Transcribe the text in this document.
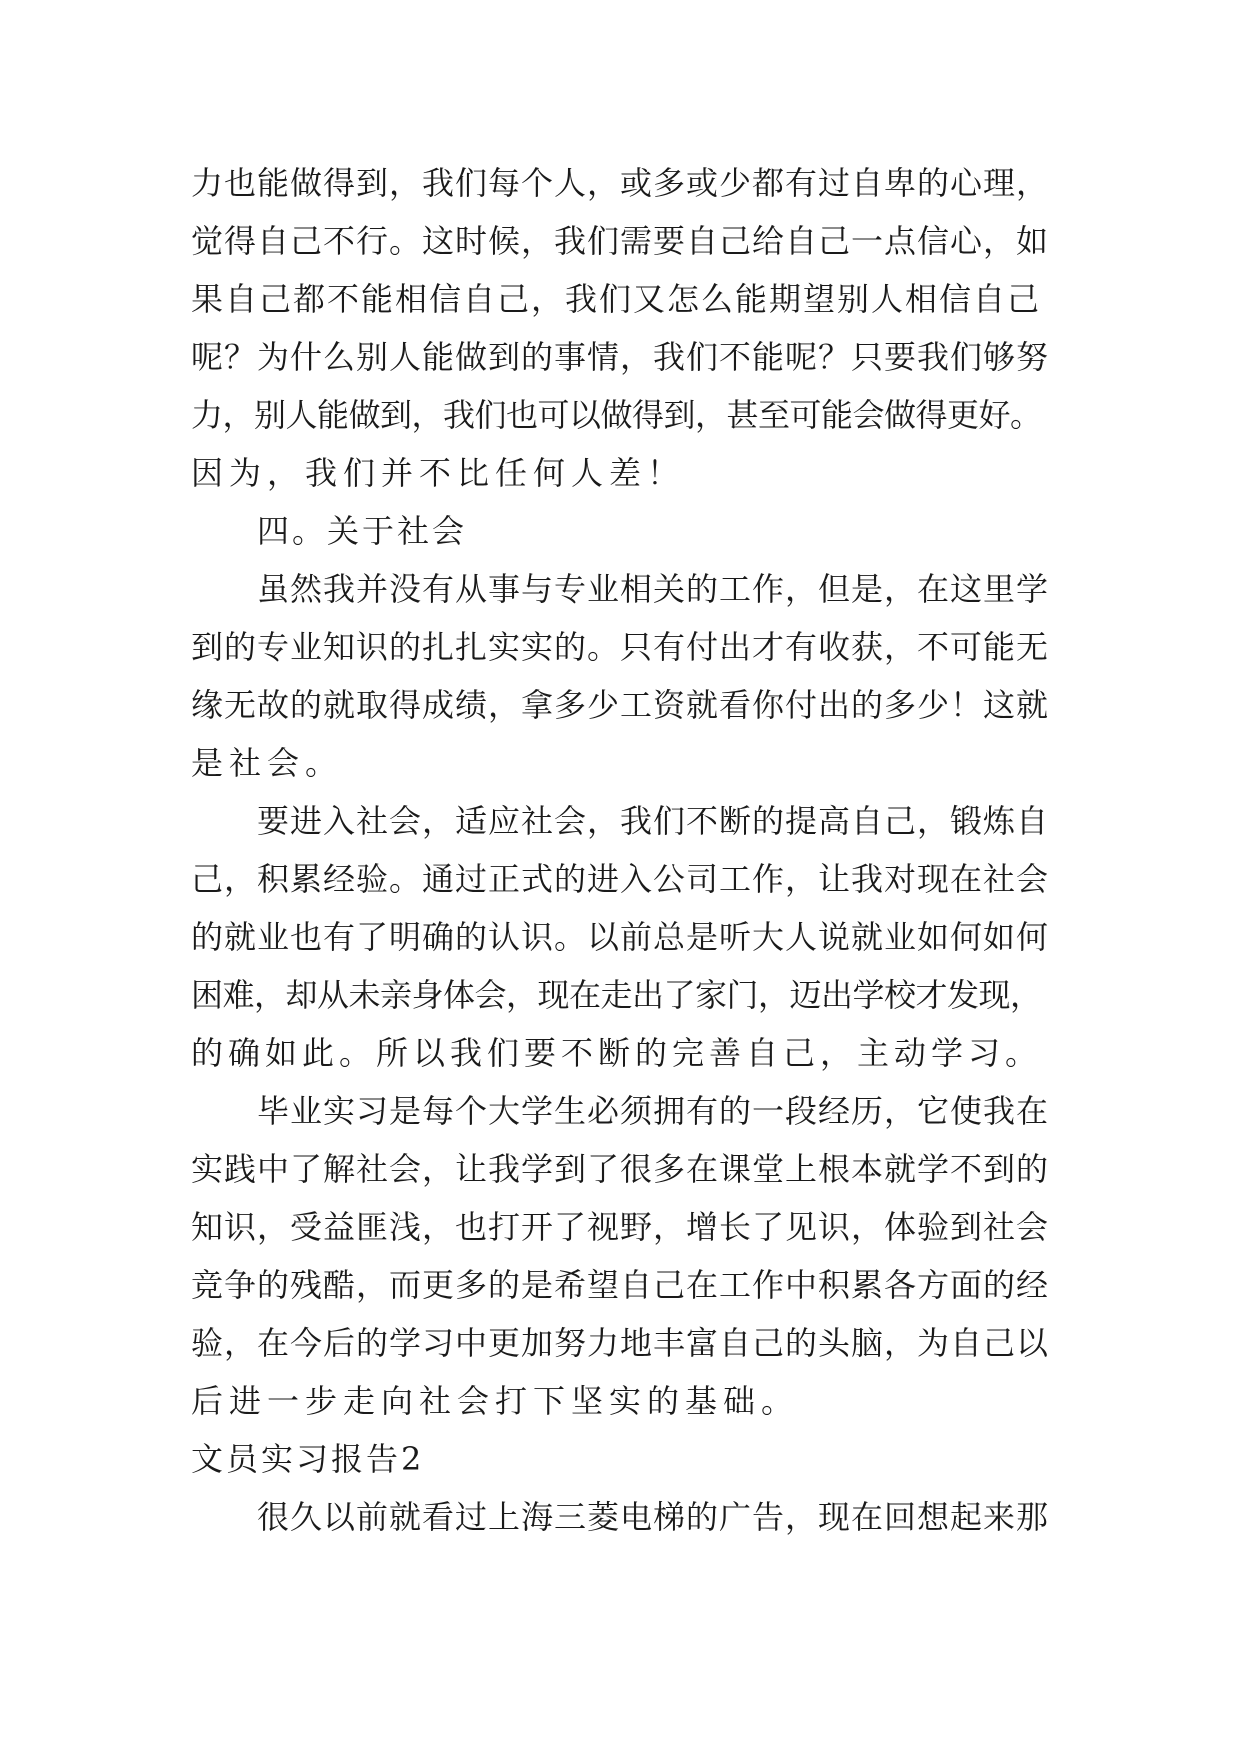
力也能做得到，我们每个人，或多或少都有过自卑的心理，
觉得自己不行。这时候，我们需要自己给自己一点信心，如
果自己都不能相信自己，我们又怎么能期望别人相信自己
呢？为什么别人能做到的事情，我们不能呢？只要我们够努
力，别人能做到，我们也可以做得到，甚至可能会做得更好。
因为，我们并不比任何人差！
四。关于社会
虽然我并没有从事与专业相关的工作，但是，在这里学
到的专业知识的扎扎实实的。只有付出才有收获，不可能无
缘无故的就取得成绩，拿多少工资就看你付出的多少！这就
是社会。
要进入社会，适应社会，我们不断的提高自己，锻炼自
己，积累经验。通过正式的进入公司工作，让我对现在社会
的就业也有了明确的认识。以前总是听大人说就业如何如何
困难，却从未亲身体会，现在走出了家门，迈出学校才发现，
的确如此。所以我们要不断的完善自己，主动学习。
毕业实习是每个大学生必须拥有的一段经历，它使我在
实践中了解社会，让我学到了很多在课堂上根本就学不到的
知识，受益匪浅，也打开了视野，增长了见识，体验到社会
竞争的残酷，而更多的是希望自己在工作中积累各方面的经
验，在今后的学习中更加努力地丰富自己的头脑，为自己以
后进一步走向社会打下坚实的基础。
文员实习报告2
很久以前就看过上海三菱电梯的广告，现在回想起来那
